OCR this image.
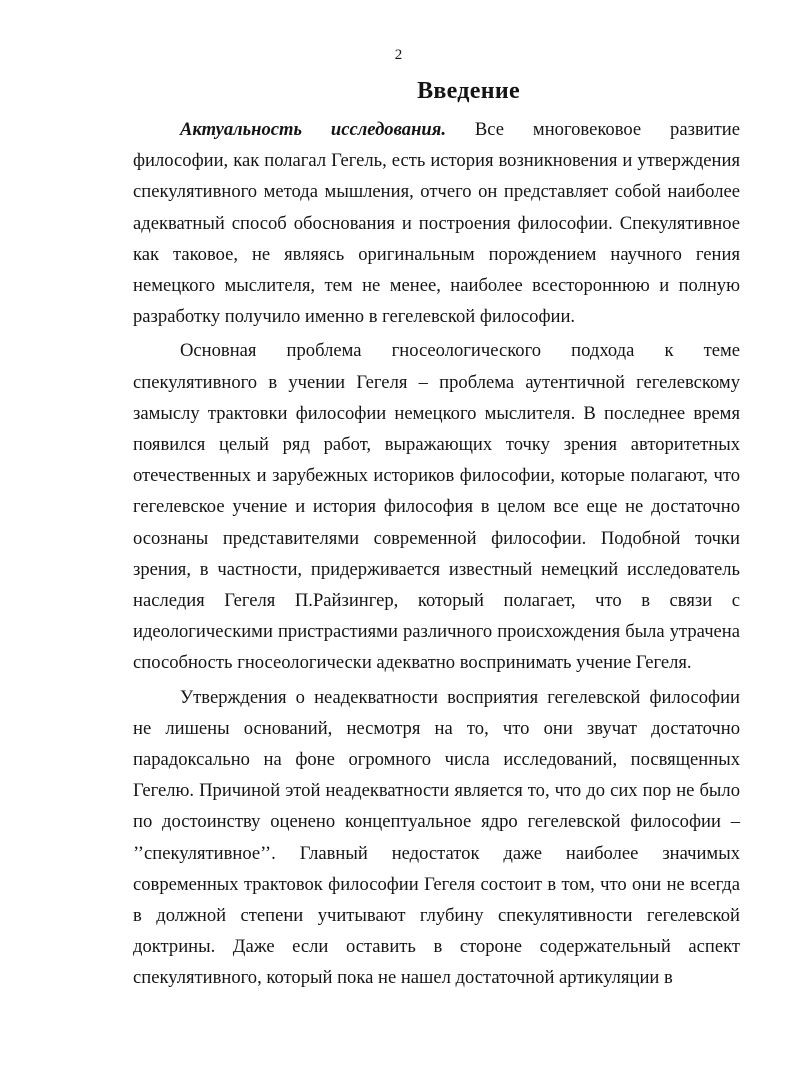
2
Введение

Актуальность исследования. Все многовековое развитие философии, как полагал Гегель, есть история возникновения и утверждения спекулятивного метода мышления, отчего он представляет собой наиболее адекватный способ обоснования и построения философии. Спекулятивное как таковое, не являясь оригинальным порождением научного гения немецкого мыслителя, тем не менее, наиболее всестороннюю и полную разработку получило именно в гегелевской философии.

Основная проблема гносеологического подхода к теме спекулятивного в учении Гегеля – проблема аутентичной гегелевскому замыслу трактовки философии немецкого мыслителя. В последнее время появился целый ряд работ, выражающих точку зрения авторитетных отечественных и зарубежных историков философии, которые полагают, что гегелевское учение и история философия в целом все еще не достаточно осознаны представителями современной философии. Подобной точки зрения, в частности, придерживается известный немецкий исследователь наследия Гегеля П.Райзингер, который полагает, что в связи с идеологическими пристрастиями различного происхождения была утрачена способность гносеологически адекватно воспринимать учение Гегеля.

Утверждения о неадекватности восприятия гегелевской философии не лишены оснований, несмотря на то, что они звучат достаточно парадоксально на фоне огромного числа исследований, посвященных Гегелю. Причиной этой неадекватности является то, что до сих пор не было по достоинству оценено концептуальное ядро гегелевской философии – ’’спекулятивное’’. Главный недостаток даже наиболее значимых современных трактовок философии Гегеля состоит в том, что они не всегда в должной степени учитывают глубину спекулятивности гегелевской доктрины. Даже если оставить в стороне содержательный аспект спекулятивного, который пока не нашел достаточной артикуляции в
